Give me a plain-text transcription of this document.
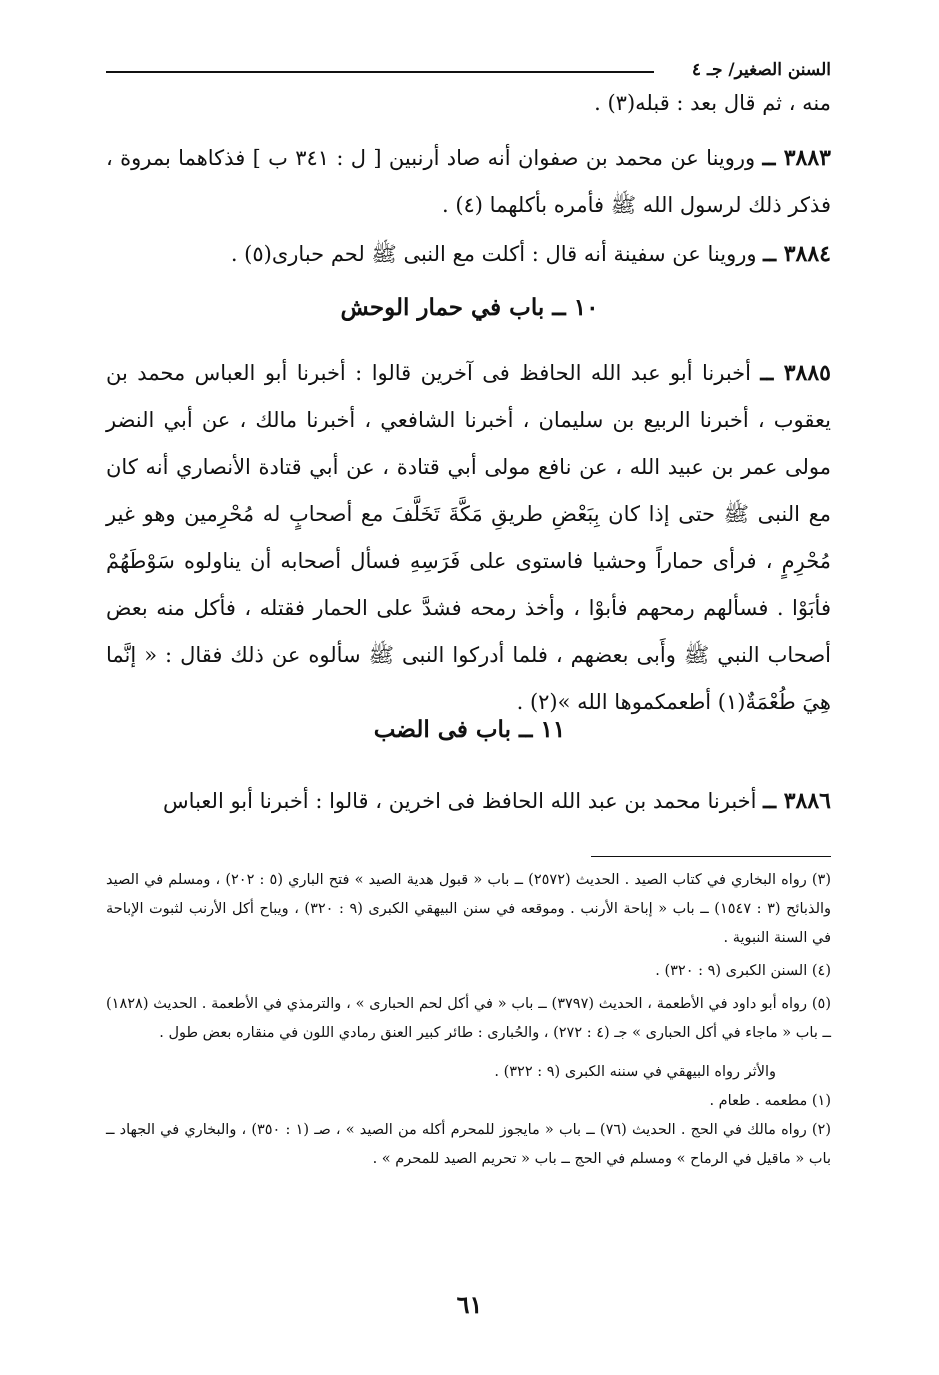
السنن الصغير/ جـ ٤
منه ، ثم قال بعد : قبله(٣) .
٣٨٨٣ ــ وروينا عن محمد بن صفوان أنه صاد أرنبين [ ل : ٣٤١ ب ] فذكاهما بمروة ، فذكر ذلك لرسول الله ﷺ فأمره بأكلهما (٤) .
٣٨٨٤ ــ وروينا عن سفينة أنه قال : أكلت مع النبى ﷺ لحم حبارى(٥) .
١٠ ــ باب في حمار الوحش
٣٨٨٥ ــ أخبرنا أبو عبد الله الحافظ فى آخرين قالوا : أخبرنا أبو العباس محمد بن يعقوب ، أخبرنا الربيع بن سليمان ، أخبرنا الشافعي ، أخبرنا مالك ، عن أبي النضر مولى عمر بن عبيد الله ، عن نافع مولى أبي قتادة ، عن أبي قتادة الأنصاري أنه كان مع النبى ﷺ حتى إذا كان بِبَعْضِ طريقِ مَكَّةَ تَخَلَّفَ مع أصحابٍ له مُحْرِمين وهو غير مُحْرِمٍ ، فرأى حماراً وحشيا فاستوى على فَرَسِهِ فسأل أصحابه أن يناولوه سَوْطَهُمْ فأبَوْا . فسألهم رمحهم فأبوْا ، وأخذ رمحه فشدَّ على الحمار فقتله ، فأكل منه بعض أصحاب النبي ﷺ وأَبى بعضهم ، فلما أدركوا النبى ﷺ سألوه عن ذلك فقال : « إنَّما هِيَ طُعْمَةٌ(١) أطعمكموها الله »(٢) .
١١ ــ باب فى الضب
٣٨٨٦ ــ أخبرنا محمد بن عبد الله الحافظ فى اخرين ، قالوا : أخبرنا أبو العباس

(٣) رواه البخاري في كتاب الصيد . الحديث (٢٥٧٢) ــ باب « قبول هدية الصيد » فتح الباري (٥ : ٢٠٢) ، ومسلم في الصيد والذبائح (٣ : ١٥٤٧) ــ باب « إباحة الأرنب . وموقعه في سنن البيهقي الكبرى (٩ : ٣٢٠) ، ويباح أكل الأرنب لثبوت الإباحة في السنة النبوية .

(٤) السنن الكبرى (٩ : ٣٢٠) .

(٥) رواه أبو داود في الأطعمة ، الحديث (٣٧٩٧) ــ باب « في أكل لحم الحبارى » ، والترمذي في الأطعمة . الحديث (١٨٢٨) ــ باب « ماجاء في أكل الحبارى » جـ (٤ : ٢٧٢) ، والحُبارى : طائر كبير العنق رمادي اللون في منقاره بعض طول .

والأثر رواه البيهقي في سننه الكبرى (٩ : ٣٢٢) .

(١) مطعمه . طعام .

(٢) رواه مالك في الحج . الحديث (٧٦) ــ باب « مايجوز للمحرم أكله من الصيد » ، صـ (١ : ٣٥٠) ، والبخاري في الجهاد ــ باب « ماقيل في الرماح » ومسلم في الحج ــ باب « تحريم الصيد للمحرم » .

٦١
